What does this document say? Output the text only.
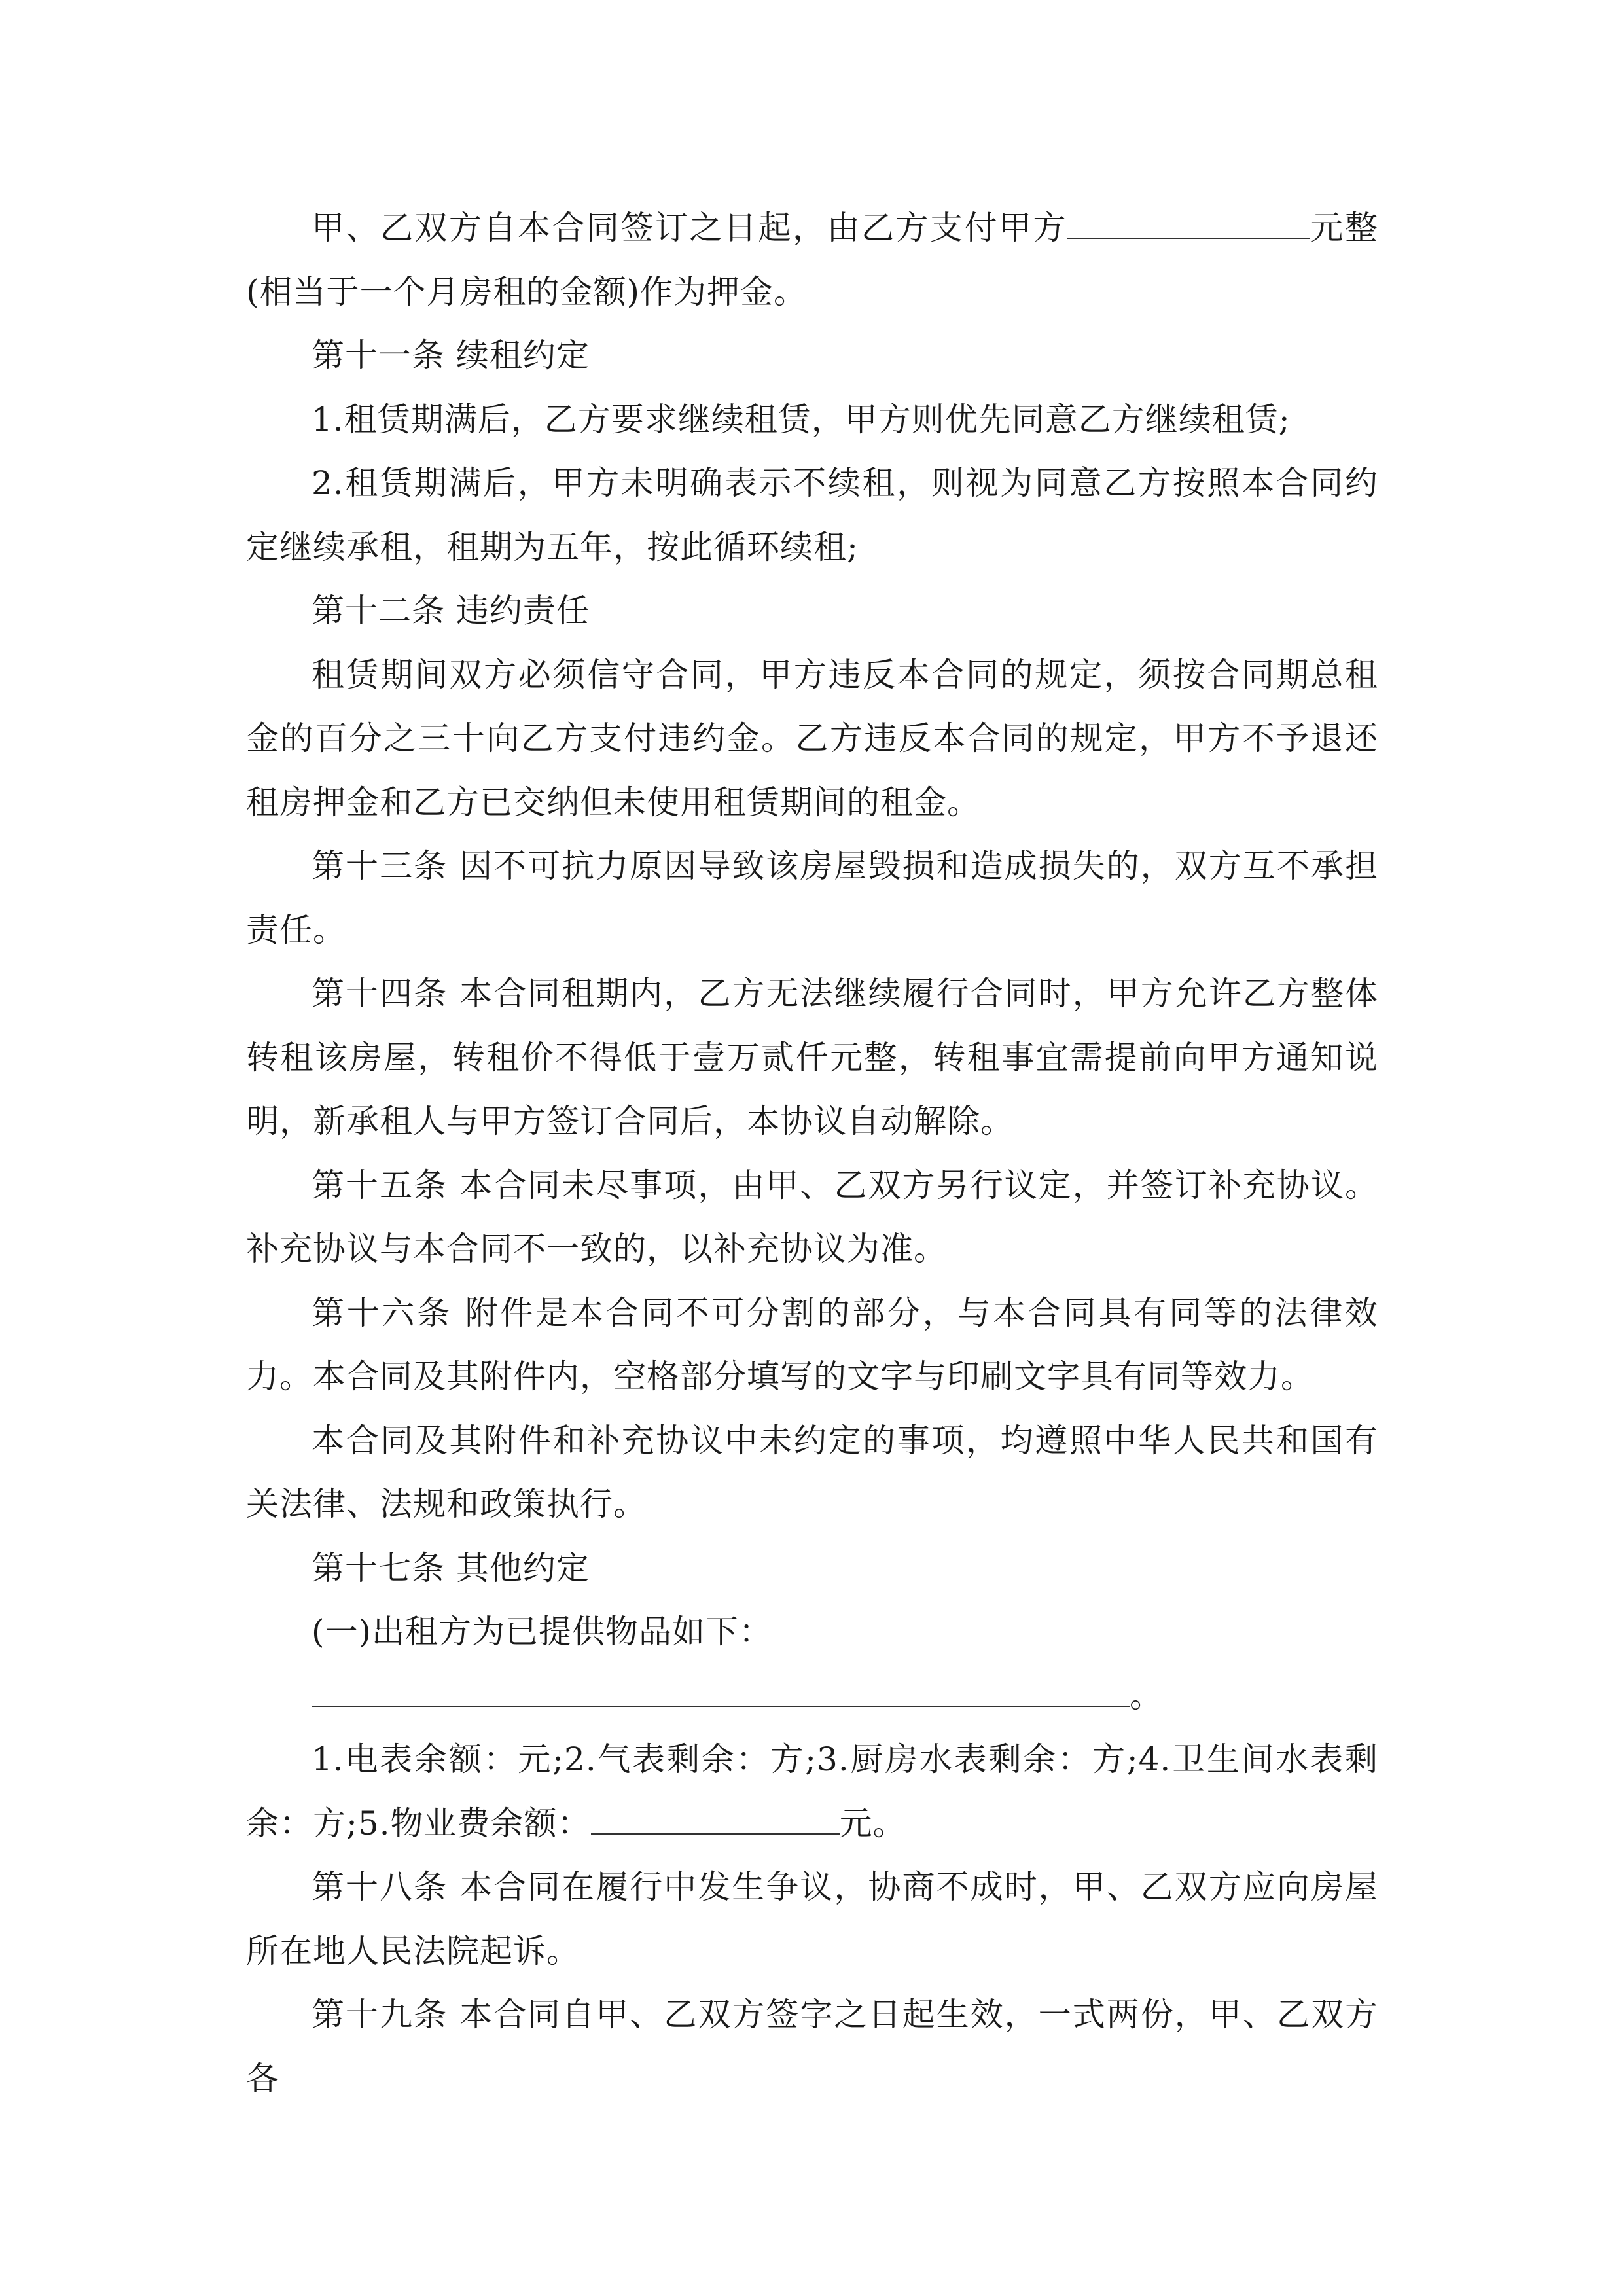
甲、乙双方自本合同签订之日起，由乙方支付甲方	元整(相当于一个月房租的金额)作为押金。

第十一条 续租约定

1.租赁期满后，乙方要求继续租赁，甲方则优先同意乙方继续租赁;

2.租赁期满后，甲方未明确表示不续租，则视为同意乙方按照本合同约定继续承租，租期为五年，按此循环续租;

第十二条 违约责任

租赁期间双方必须信守合同，甲方违反本合同的规定，须按合同期总租金的百分之三十向乙方支付违约金。乙方违反本合同的规定，甲方不予退还租房押金和乙方已交纳但未使用租赁期间的租金。

第十三条 因不可抗力原因导致该房屋毁损和造成损失的，双方互不承担责任。

第十四条 本合同租期内，乙方无法继续履行合同时，甲方允许乙方整体转租该房屋，转租价不得低于壹万贰仟元整，转租事宜需提前向甲方通知说明，新承租人与甲方签订合同后，本协议自动解除。

第十五条 本合同未尽事项，由甲、乙双方另行议定，并签订补充协议。补充协议与本合同不一致的，以补充协议为准。

第十六条 附件是本合同不可分割的部分，与本合同具有同等的法律效力。本合同及其附件内，空格部分填写的文字与印刷文字具有同等效力。

本合同及其附件和补充协议中未约定的事项，均遵照中华人民共和国有关法律、法规和政策执行。

第十七条 其他约定

(一)出租方为已提供物品如下：

。

1.电表余额：元;2.气表剩余：方;3.厨房水表剩余：方;4.卫生间水表剩余：方;5.物业费余额：	元。

第十八条 本合同在履行中发生争议，协商不成时，甲、乙双方应向房屋所在地人民法院起诉。

第十九条 本合同自甲、乙双方签字之日起生效，一式两份，甲、乙双方各
